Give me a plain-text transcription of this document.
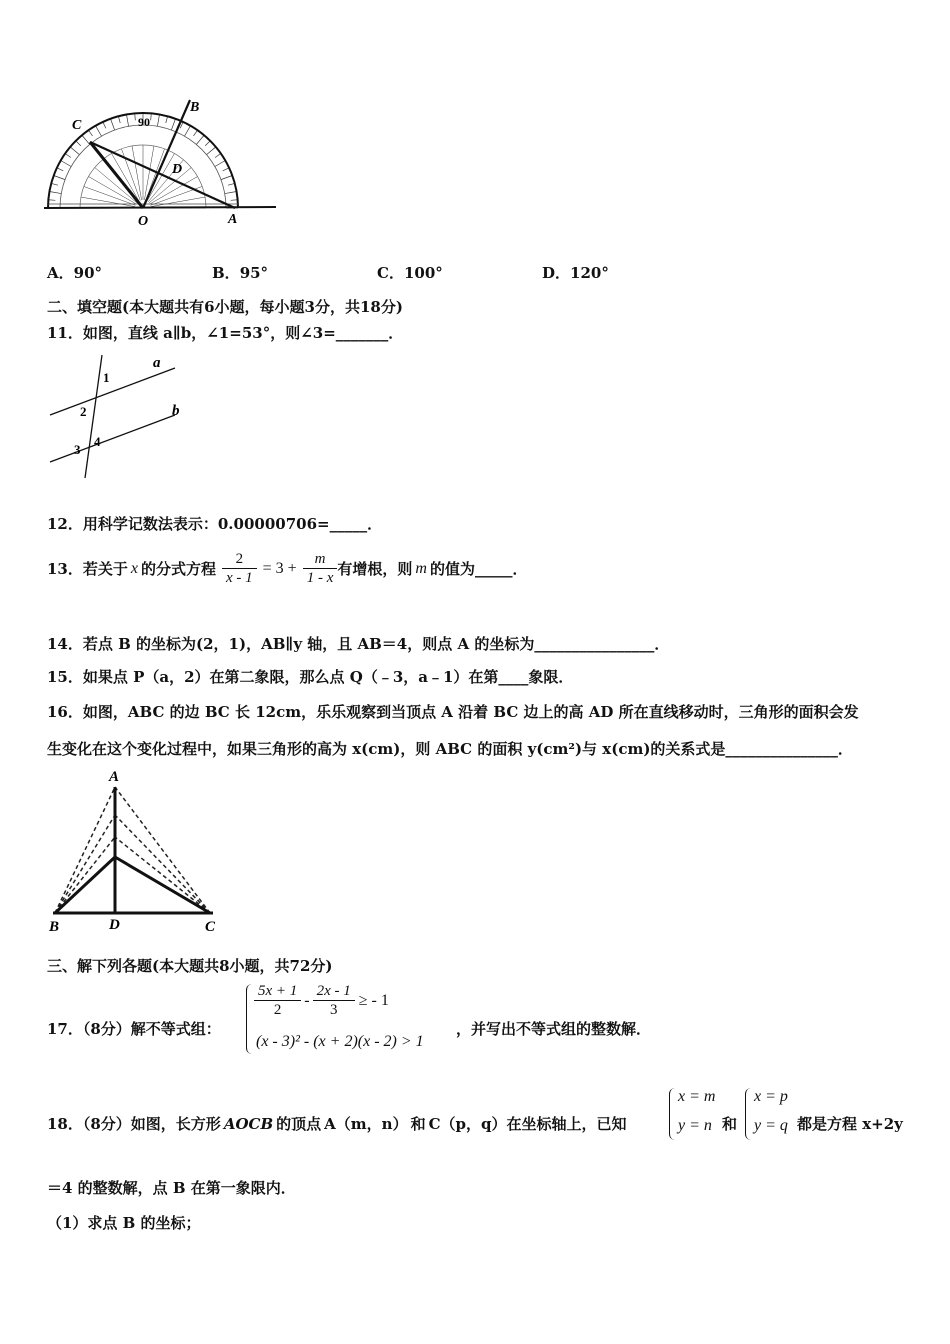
C
B
D
O	A
90
A．90°	B．95°	C．100°	D．120°
二、填空题(本大题共有6小题，每小题3分，共18分)
11．如图，直线 a∥b，∠1=53°，则∠3=_______．
a
b
1
2
3
4
12．用科学记数法表示：0.00000706=_____．
13．若关于 x 的分式方程 $\frac{2}{x - 1} = 3 + \frac{m}{1 - x}$ 有增根，则 m 的值为_____．
14．若点 B 的坐标为(2，1)，AB∥y 轴，且 AB＝4，则点 A 的坐标为________________．
15．如果点 P（a，2）在第二象限，那么点 Q（﹣3，a﹣1）在第____象限．
16．如图，ABC 的边 BC 长 12cm，乐乐观察到当顶点 A 沿着 BC 边上的高 AD 所在直线移动时，三角形的面积会发
生变化在这个变化过程中，如果三角形的高为 x(cm)，则 ABC 的面积 y(cm²)与 x(cm)的关系式是_______________．
A
B	D	C
三、解下列各题(本大题共8小题，共72分)
17．（8分）解不等式组：
$\frac{5x + 1}{2} - \frac{2x - 1}{3}$ ≥ - 1
(x - 3)² - (x + 2)(x - 2) > 1
，并写出不等式组的整数解．
18．（8分）如图，长方形 AOCB 的顶点 A（m，n） 和 C（p，q） 在坐标轴上，已知
x = m
y = n 和
x = p
y = q 都是方程 x+2y
＝4 的整数解，点 B 在第一象限内．
（1）求点 B 的坐标；
